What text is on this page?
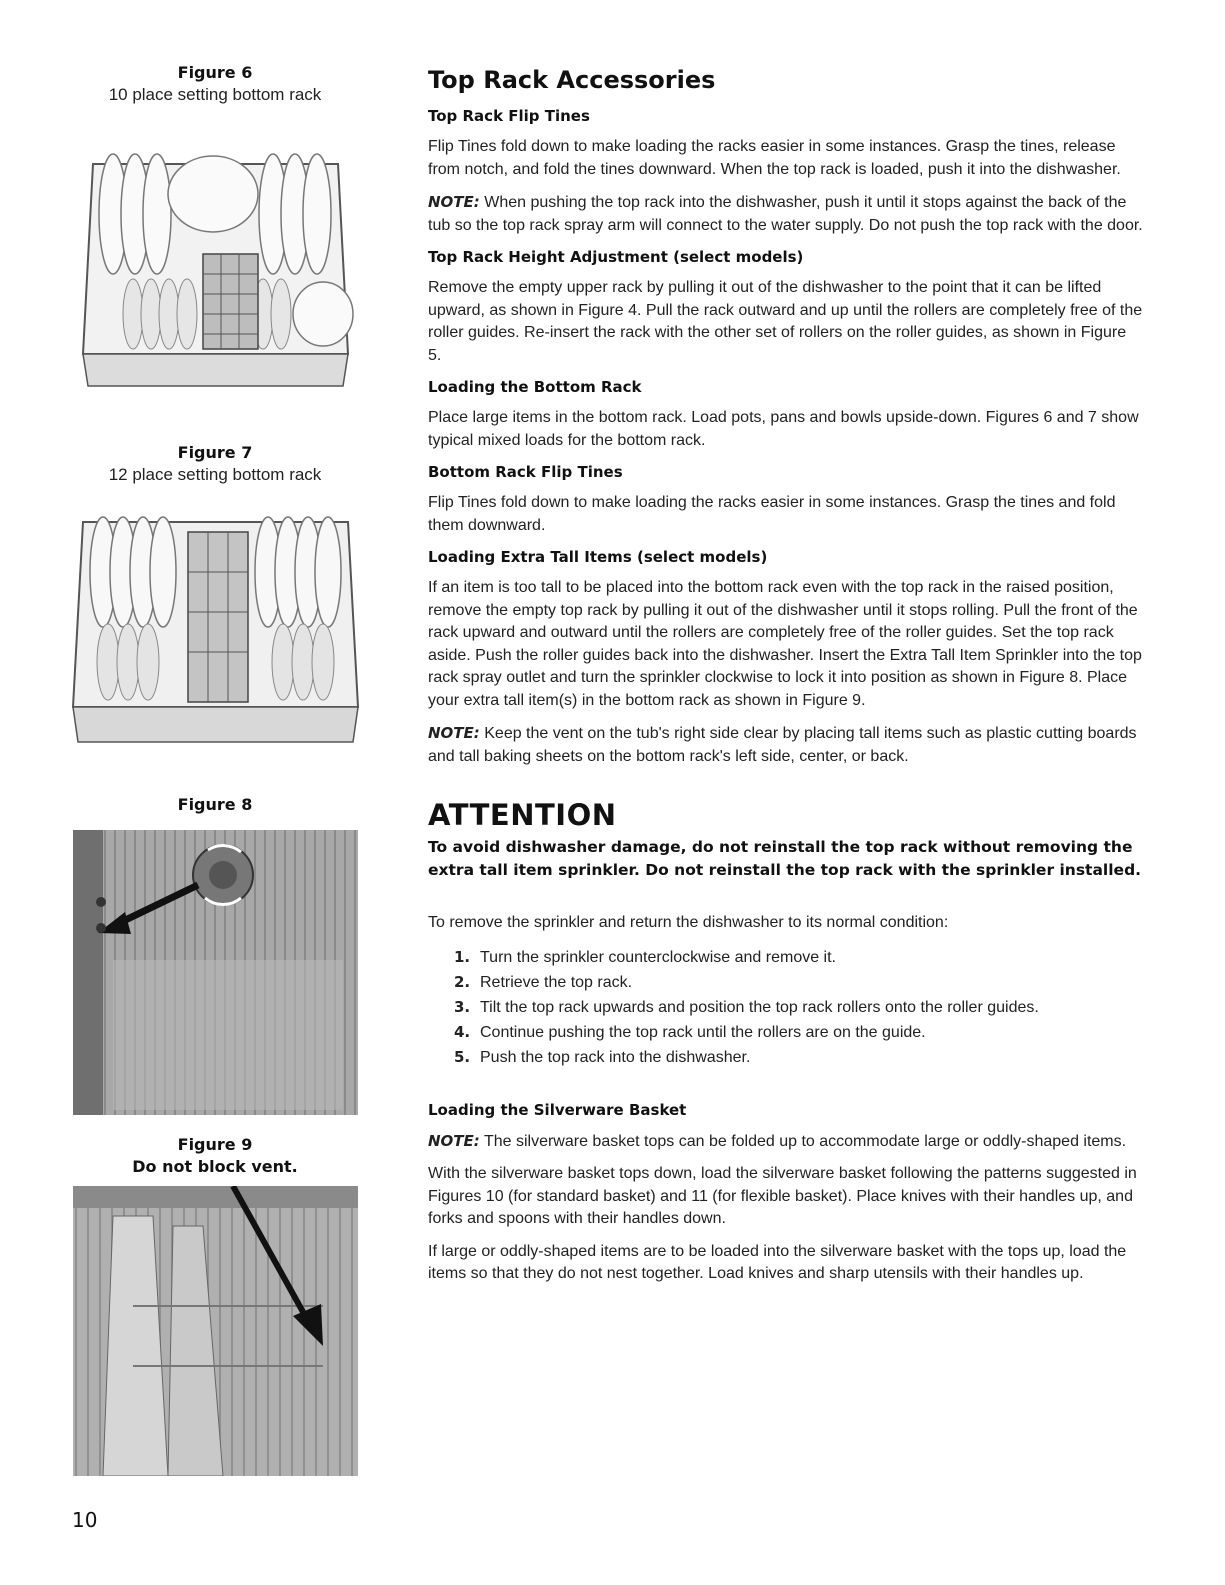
Figure 6
10 place setting bottom rack
Figure 7
12 place setting bottom rack
Figure 8
Figure 9
Do not block vent.
Top Rack Accessories
Top Rack Flip Tines

Flip Tines fold down to make loading the racks easier in some instances. Grasp the tines, release from notch, and fold the tines downward. When the top rack is loaded, push it into the dishwasher.

NOTE: When pushing the top rack into the dishwasher, push it until it stops against the back of the tub so the top rack spray arm will connect to the water supply. Do not push the top rack with the door.

Top Rack Height Adjustment (select models)

Remove the empty upper rack by pulling it out of the dishwasher to the point that it can be lifted upward, as shown in Figure 4. Pull the rack outward and up until the rollers are completely free of the roller guides. Re-insert the rack with the other set of rollers on the roller guides, as shown in Figure 5.

Loading the Bottom Rack

Place large items in the bottom rack. Load pots, pans and bowls upside-down. Figures 6 and 7 show typical mixed loads for the bottom rack.

Bottom Rack Flip Tines

Flip Tines fold down to make loading the racks easier in some instances. Grasp the tines and fold them downward.

Loading Extra Tall Items (select models)

If an item is too tall to be placed into the bottom rack even with the top rack in the raised position, remove the empty top rack by pulling it out of the dishwasher until it stops rolling. Pull the front of the rack upward and outward until the rollers are completely free of the roller guides. Set the top rack aside. Push the roller guides back into the dishwasher. Insert the Extra Tall Item Sprinkler into the top rack spray outlet and turn the sprinkler clockwise to lock it into position as shown in Figure 8. Place your extra tall item(s) in the bottom rack as shown in Figure 9.

NOTE: Keep the vent on the tub's right side clear by placing tall items such as plastic cutting boards and tall baking sheets on the bottom rack's left side, center, or back.

ATTENTION

To avoid dishwasher damage, do not reinstall the top rack without removing the extra tall item sprinkler. Do not reinstall the top rack with the sprinkler installed.

To remove the sprinkler and return the dishwasher to its normal condition:

1. Turn the sprinkler counterclockwise and remove it.
2. Retrieve the top rack.
3. Tilt the top rack upwards and position the top rack rollers onto the roller guides.
4. Continue pushing the top rack until the rollers are on the guide.
5. Push the top rack into the dishwasher.
Loading the Silverware Basket

NOTE: The silverware basket tops can be folded up to accommodate large or oddly-shaped items.

With the silverware basket tops down, load the silverware basket following the patterns suggested in Figures 10 (for standard basket) and 11 (for flexible basket). Place knives with their handles up, and forks and spoons with their handles down.

If large or oddly-shaped items are to be loaded into the silverware basket with the tops up, load the items so that they do not nest together. Load knives and sharp utensils with their handles up.

10
